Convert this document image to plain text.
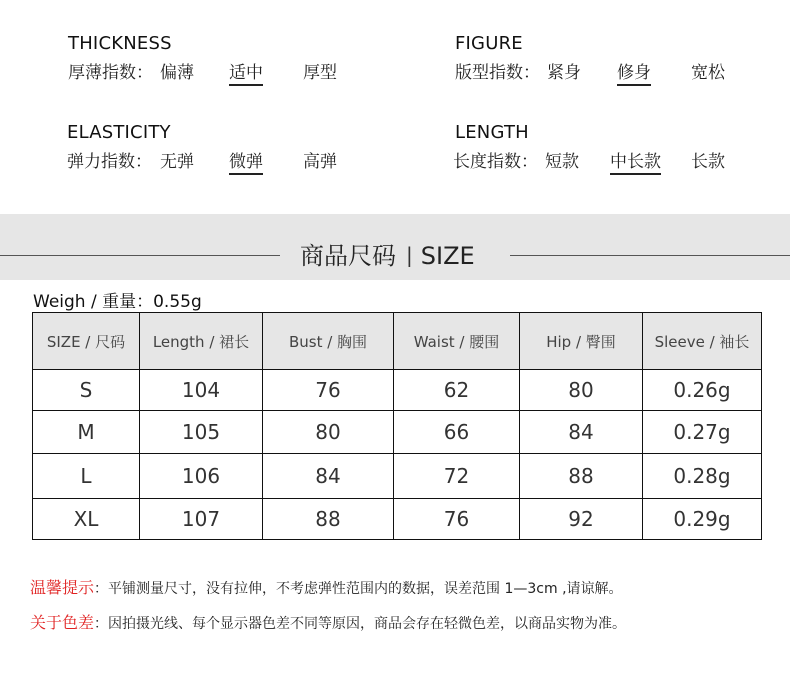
THICKNESS
厚薄指数： 偏薄 适中 厚型
FIGURE
版型指数： 紧身 修身 宽松
ELASTICITY
弹力指数： 无弹 微弹 高弹
LENGTH
长度指数： 短款 中长款 长款
商品尺码 | SIZE
Weigh / 重量：0.55g
SIZE / 尺码	Length / 裙长	Bust / 胸围	Waist / 腰围	Hip / 臀围	Sleeve / 袖长
S	104	76	62	80	0.26g
M	105	80	66	84	0.27g
L	106	84	72	88	0.28g
XL	107	88	76	92	0.29g
温馨提示：平铺测量尺寸，没有拉伸，不考虑弹性范围内的数据，误差范围 1—3cm ,请谅解。
关于色差：因拍摄光线、每个显示器色差不同等原因，商品会存在轻微色差，以商品实物为准。
